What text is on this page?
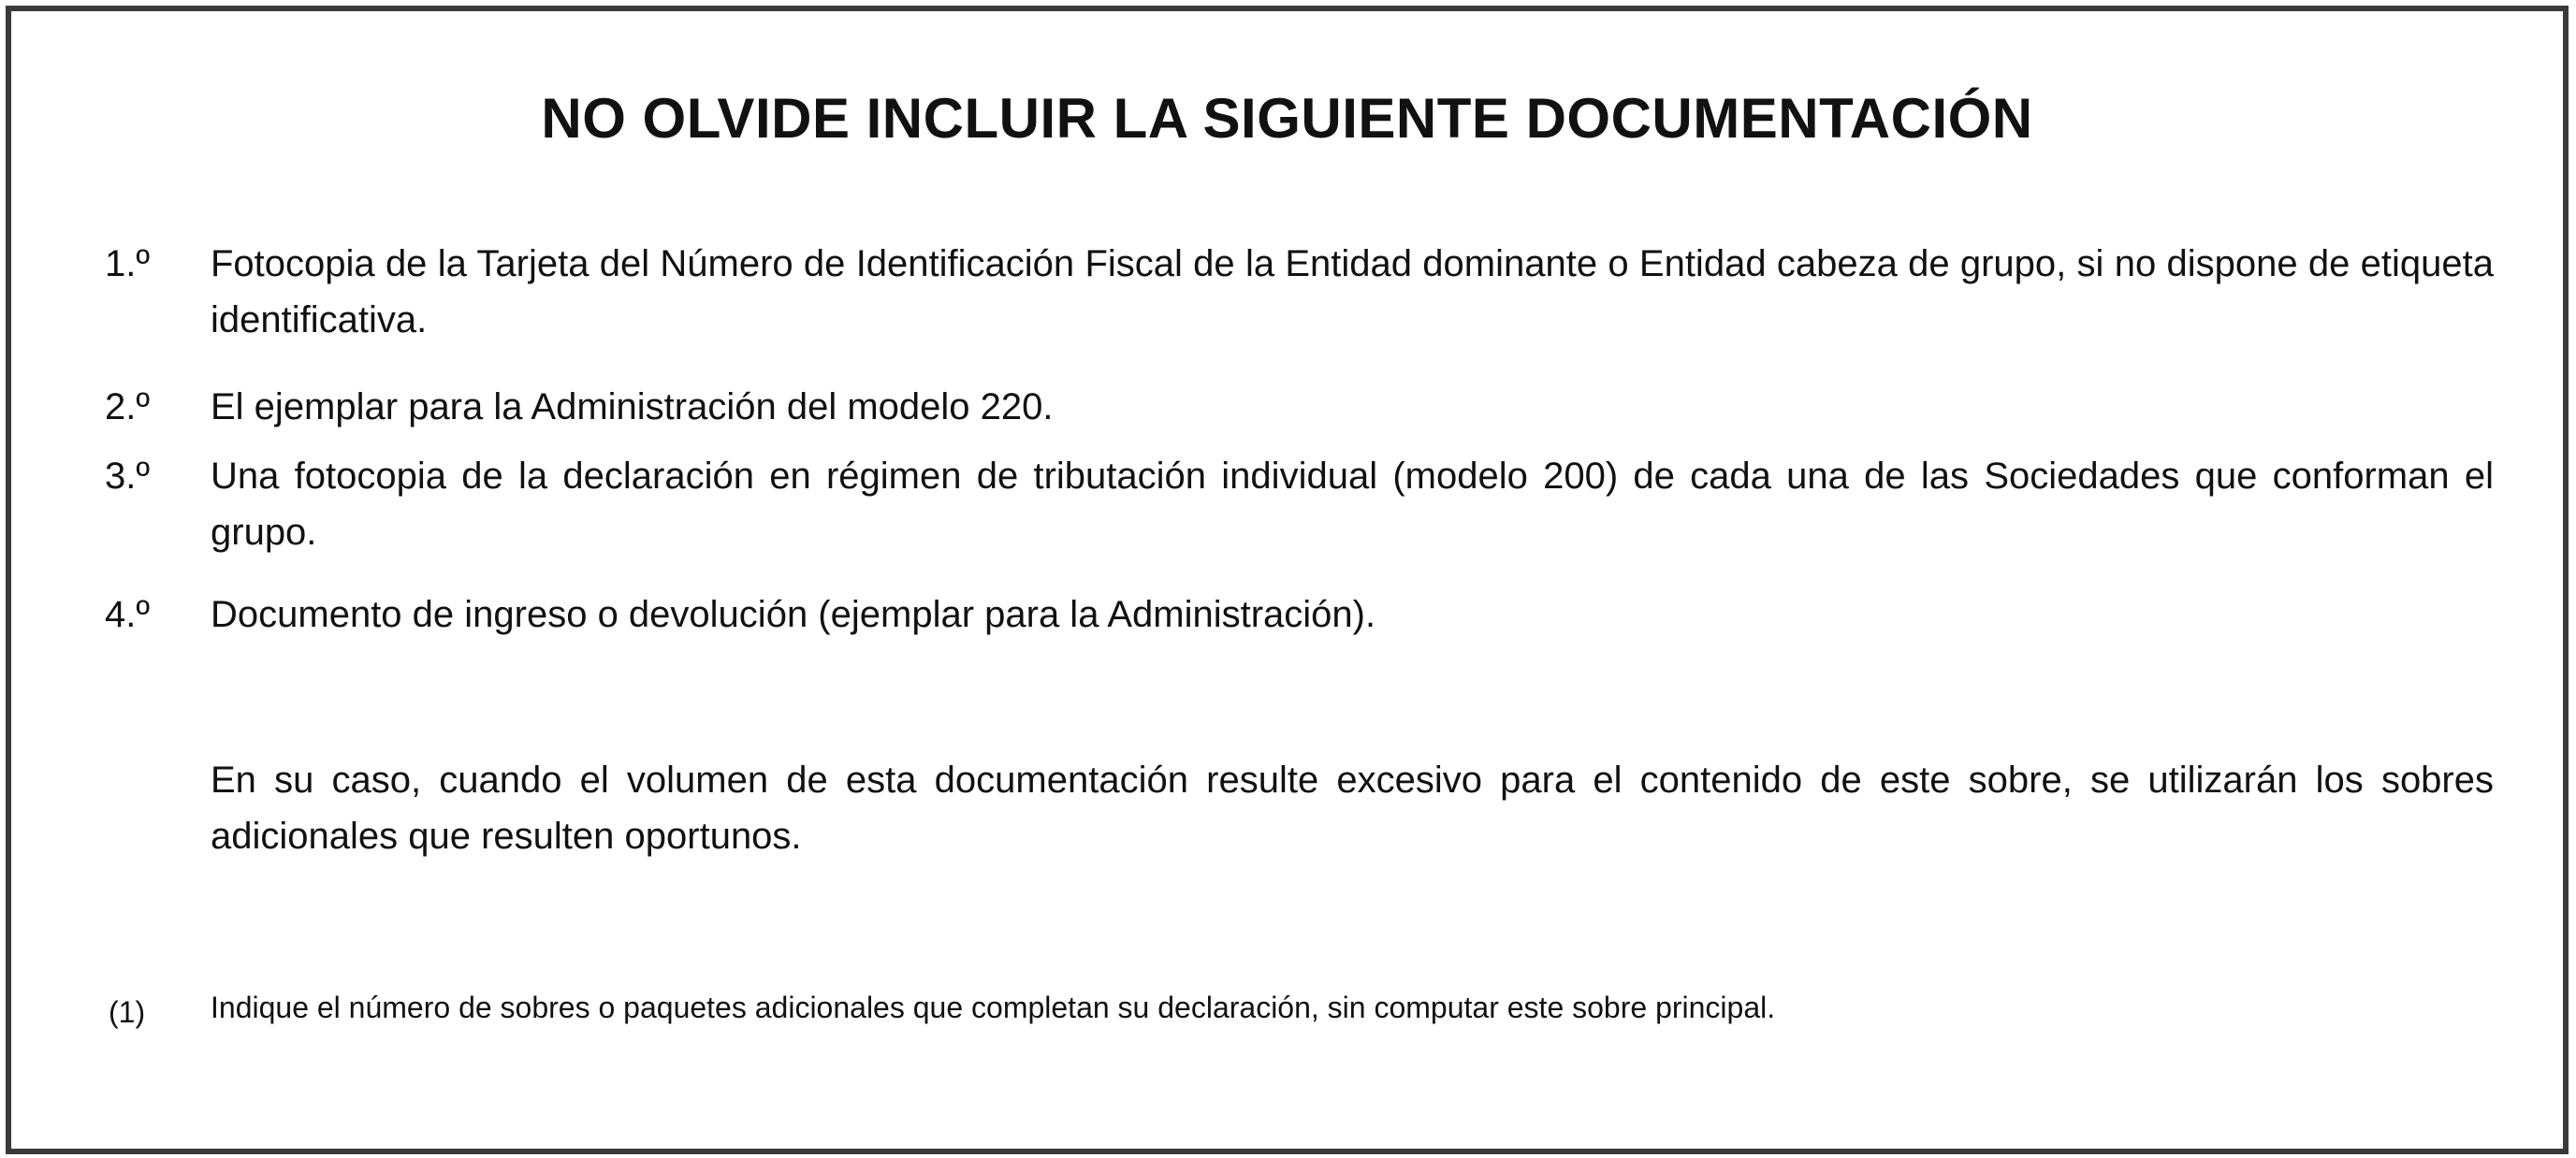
NO OLVIDE INCLUIR LA SIGUIENTE DOCUMENTACIÓN
1.º Fotocopia de la Tarjeta del Número de Identificación Fiscal de la Entidad dominante o Entidad cabeza de grupo, si no dispone de etiqueta identificativa.
2.º El ejemplar para la Administración del modelo 220.
3.º Una fotocopia de la declaración en régimen de tributación individual (modelo 200) de cada una de las Sociedades que conforman el grupo.
4.º Documento de ingreso o devolución (ejemplar para la Administración).
En su caso, cuando el volumen de esta documentación resulte excesivo para el contenido de este sobre, se utilizarán los sobres adicionales que resulten oportunos.
(1) Indique el número de sobres o paquetes adicionales que completan su declaración, sin computar este sobre principal.
